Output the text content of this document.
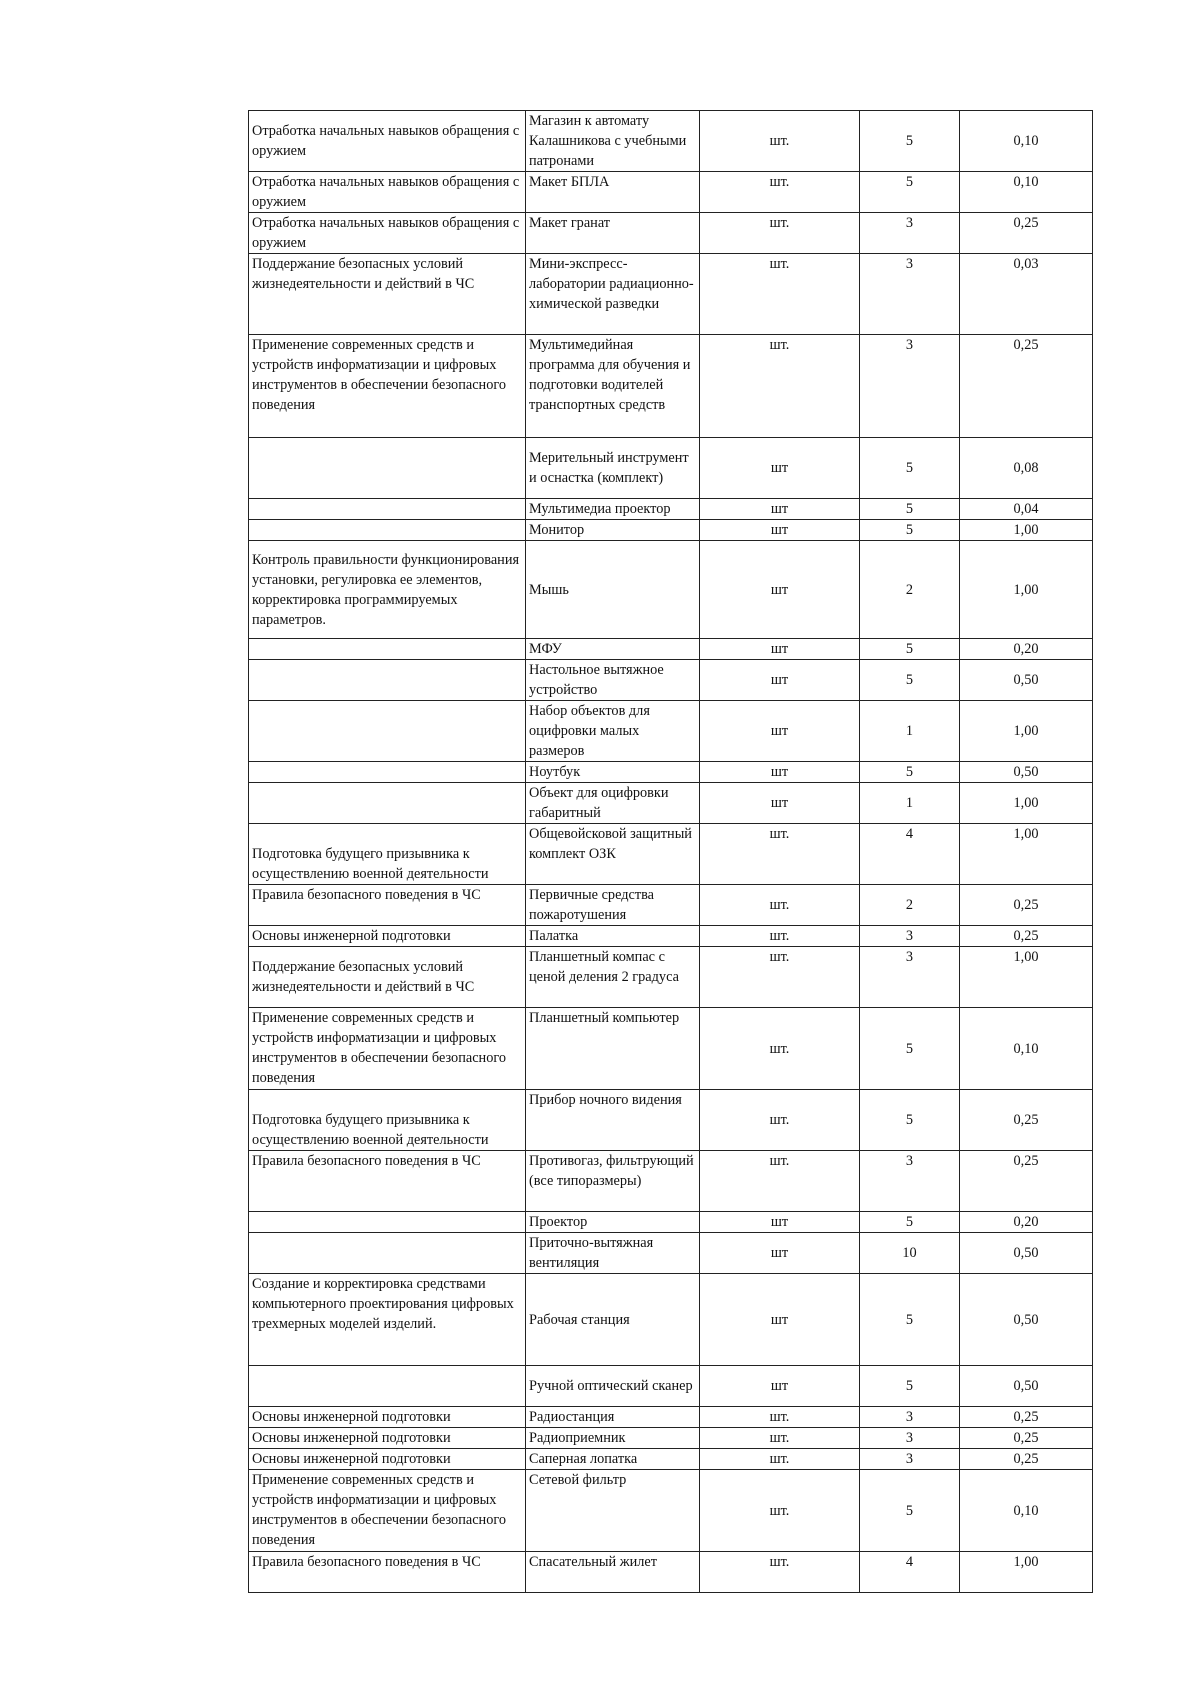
Отработка начальных навыков обращения с оружием	Магазин к автомату Калашникова с учебными патронами	шт.	5	0,10
Отработка начальных навыков обращения с оружием	Макет БПЛА	шт.	5	0,10
Отработка начальных навыков обращения с оружием	Макет гранат	шт.	3	0,25
Поддержание безопасных условий жизнедеятельности и действий в ЧС	Мини-экспресс-лаборатории радиационно-химической разведки	шт.	3	0,03
Применение современных средств и устройств информатизации и цифровых инструментов в обеспечении безопасного поведения	Мультимедийная программа для обучения и подготовки водителей транспортных средств	шт.	3	0,25
	Мерительный инструмент и оснастка (комплект)	шт	5	0,08
	Мультимедиа проектор	шт	5	0,04
	Монитор	шт	5	1,00
Контроль правильности функционирования установки, регулировка ее элементов, корректировка программируемых параметров.	Мышь	шт	2	1,00
	МФУ	шт	5	0,20
	Настольное вытяжное устройство	шт	5	0,50
	Набор объектов для оцифровки малых размеров	шт	1	1,00
	Ноутбук	шт	5	0,50
	Объект для оцифровки габаритный	шт	1	1,00
Подготовка будущего призывника к осуществлению военной деятельности	Общевойсковой защитный комплект ОЗК	шт.	4	1,00
Правила безопасного поведения в ЧС	Первичные средства пожаротушения	шт.	2	0,25
Основы инженерной подготовки	Палатка	шт.	3	0,25
Поддержание безопасных условий жизнедеятельности и действий в ЧС	Планшетный компас с ценой деления 2 градуса	шт.	3	1,00
Применение современных средств и устройств информатизации и цифровых инструментов в обеспечении безопасного поведения	Планшетный компьютер	шт.	5	0,10
Подготовка будущего призывника к осуществлению военной деятельности	Прибор ночного видения	шт.	5	0,25
Правила безопасного поведения в ЧС	Противогаз, фильтрующий (все типоразмеры)	шт.	3	0,25
	Проектор	шт	5	0,20
	Приточно-вытяжная вентиляция	шт	10	0,50
Создание и корректировка средствами компьютерного проектирования цифровых трехмерных моделей изделий.	Рабочая станция	шт	5	0,50
	Ручной оптический сканер	шт	5	0,50
Основы инженерной подготовки	Радиостанция	шт.	3	0,25
Основы инженерной подготовки	Радиоприемник	шт.	3	0,25
Основы инженерной подготовки	Саперная лопатка	шт.	3	0,25
Применение современных средств и устройств информатизации и цифровых инструментов в обеспечении безопасного поведения	Сетевой фильтр	шт.	5	0,10
Правила безопасного поведения в ЧС	Спасательный жилет	шт.	4	1,00
